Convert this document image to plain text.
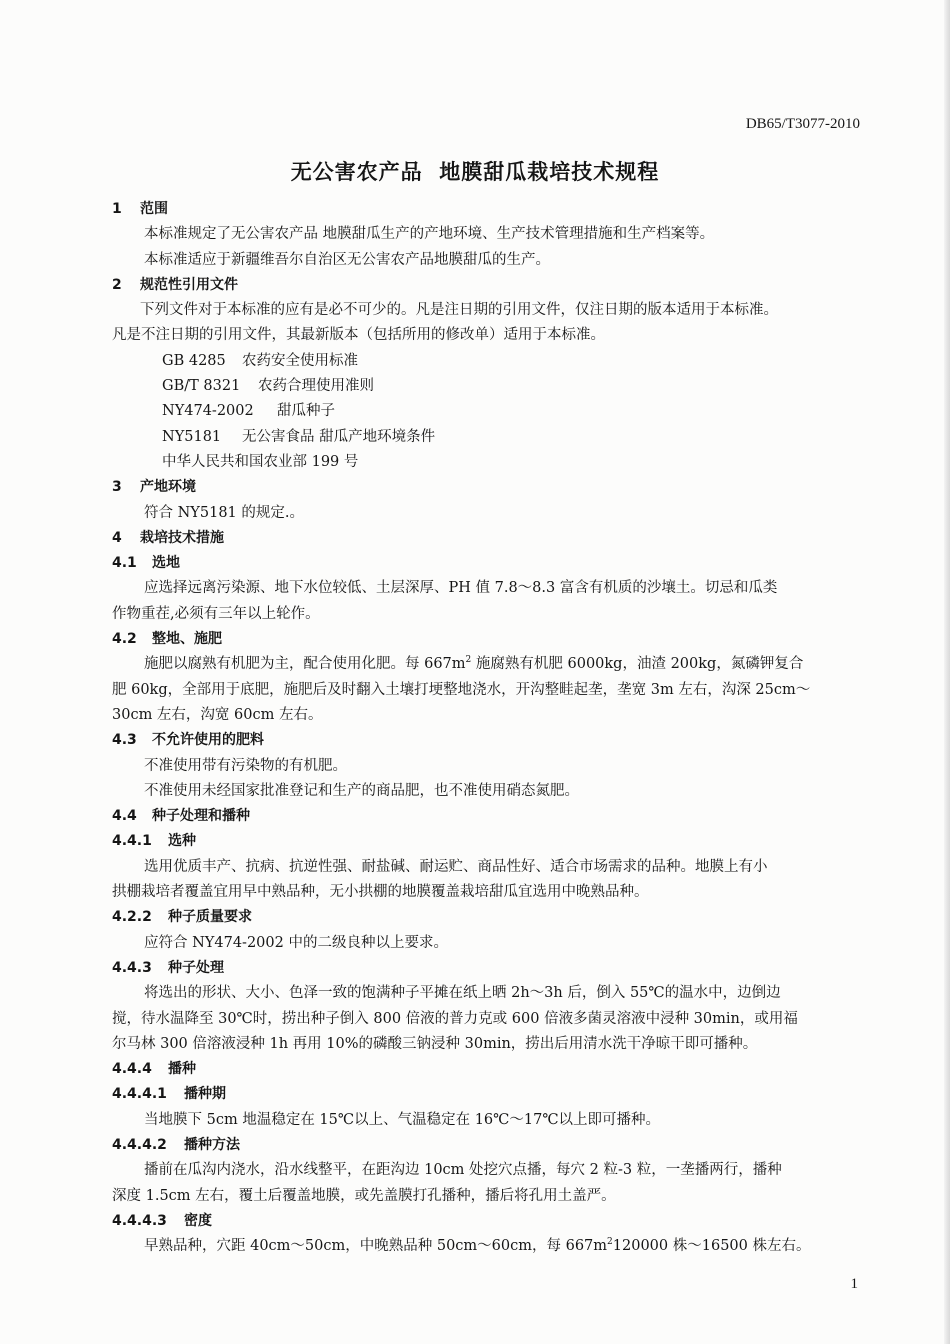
DB65/T3077-2010
无公害农产品  地膜甜瓜栽培技术规程
1 范围
本标准规定了无公害农产品 地膜甜瓜生产的产地环境、生产技术管理措施和生产档案等。
本标准适应于新疆维吾尔自治区无公害农产品地膜甜瓜的生产。
2 规范性引用文件
下列文件对于本标准的应有是必不可少的。凡是注日期的引用文件，仅注日期的版本适用于本标准。
凡是不注日期的引用文件，其最新版本（包括所用的修改单）适用于本标准。
GB 4285 农药安全使用标准
GB/T 8321 农药合理使用准则
NY474-2002 甜瓜种子
NY5181 无公害食品 甜瓜产地环境条件
中华人民共和国农业部 199 号
3 产地环境
符合 NY5181 的规定.。
4 栽培技术措施
4.1 选地
应选择远离污染源、地下水位较低、土层深厚、PH 值 7.8～8.3 富含有机质的沙壤土。切忌和瓜类
作物重茬,必须有三年以上轮作。
4.2 整地、施肥
施肥以腐熟有机肥为主，配合使用化肥。每 $667m^2$ 施腐熟有机肥 6000kg，油渣 200kg，氮磷钾复合
肥 60kg，全部用于底肥，施肥后及时翻入土壤打埂整地浇水，开沟整畦起垄，垄宽 3m 左右，沟深 25cm～
30cm 左右，沟宽 60cm 左右。
4.3 不允许使用的肥料
不准使用带有污染物的有机肥。
不准使用未经国家批准登记和生产的商品肥，也不准使用硝态氮肥。
4.4 种子处理和播种
4.4.1 选种
选用优质丰产、抗病、抗逆性强、耐盐碱、耐运贮、商品性好、适合市场需求的品种。地膜上有小
拱棚栽培者覆盖宜用早中熟品种，无小拱棚的地膜覆盖栽培甜瓜宜选用中晚熟品种。
4.2.2 种子质量要求
应符合 NY474-2002 中的二级良种以上要求。
4.4.3 种子处理
将选出的形状、大小、色泽一致的饱满种子平摊在纸上晒 2h～3h 后，倒入 55℃的温水中，边倒边
搅，待水温降至 30℃时，捞出种子倒入 800 倍液的普力克或 600 倍液多菌灵溶液中浸种 30min，或用福
尔马林 300 倍溶液浸种 1h 再用 10%的磷酸三钠浸种 30min，捞出后用清水洗干净晾干即可播种。
4.4.4 播种
4.4.4.1 播种期
当地膜下 5cm 地温稳定在 15℃以上、气温稳定在 16℃～17℃以上即可播种。
4.4.4.2 播种方法
播前在瓜沟内浇水，沿水线整平，在距沟边 10cm 处挖穴点播，每穴 2 粒-3 粒，一垄播两行，播种
深度 1.5cm 左右，覆土后覆盖地膜，或先盖膜打孔播种，播后将孔用土盖严。
4.4.4.3 密度
早熟品种，穴距 40cm～50cm，中晚熟品种 50cm～60cm，每 $667m^2120000$ 株～16500 株左右。
1
